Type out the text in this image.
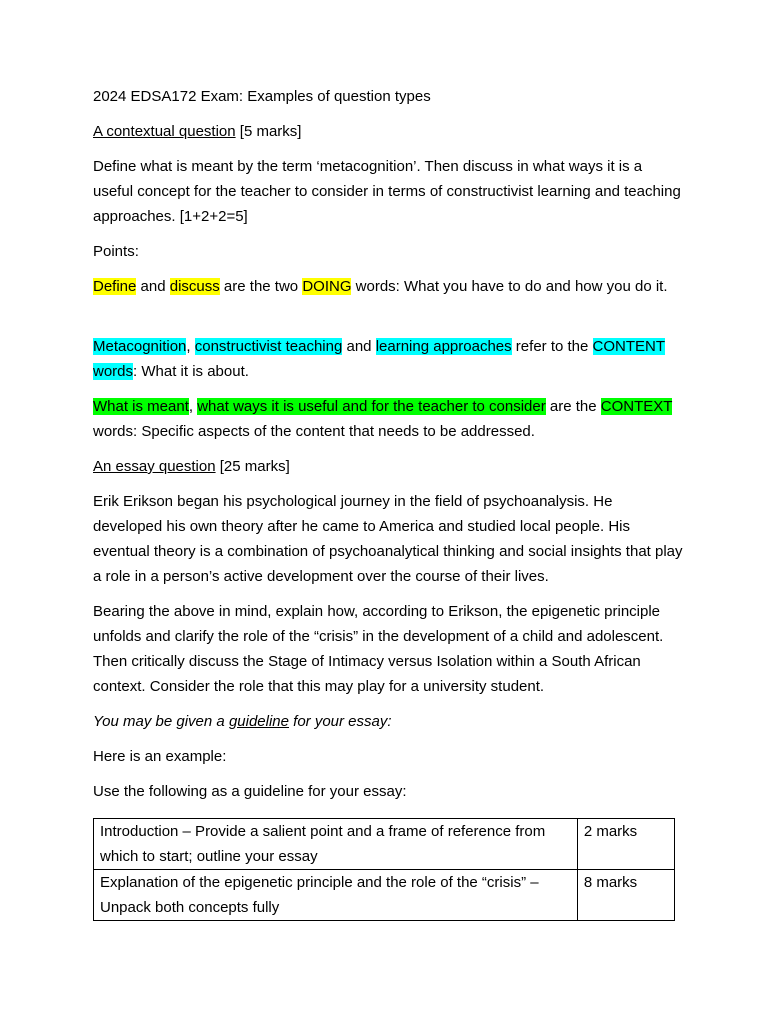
2024 EDSA172 Exam: Examples of question types

A contextual question [5 marks]

Define what is meant by the term ‘metacognition’. Then discuss in what ways it is a useful concept for the teacher to consider in terms of constructivist learning and teaching approaches. [1+2+2=5]

Points:

Define and discuss are the two DOING words: What you have to do and how you do it.

Metacognition, constructivist teaching and learning approaches refer to the CONTENT words: What it is about.

What is meant, what ways it is useful and for the teacher to consider are the CONTEXT words: Specific aspects of the content that needs to be addressed.

An essay question [25 marks]

Erik Erikson began his psychological journey in the field of psychoanalysis. He developed his own theory after he came to America and studied local people. His eventual theory is a combination of psychoanalytical thinking and social insights that play a role in a person’s active development over the course of their lives.

Bearing the above in mind, explain how, according to Erikson, the epigenetic principle unfolds and clarify the role of the “crisis” in the development of a child and adolescent. Then critically discuss the Stage of Intimacy versus Isolation within a South African context. Consider the role that this may play for a university student.

You may be given a guideline for your essay:

Here is an example:

Use the following as a guideline for your essay:

Introduction – Provide a salient point and a frame of reference from which to start; outline your essay	2 marks
Explanation of the epigenetic principle and the role of the “crisis” – Unpack both concepts fully	8 marks
